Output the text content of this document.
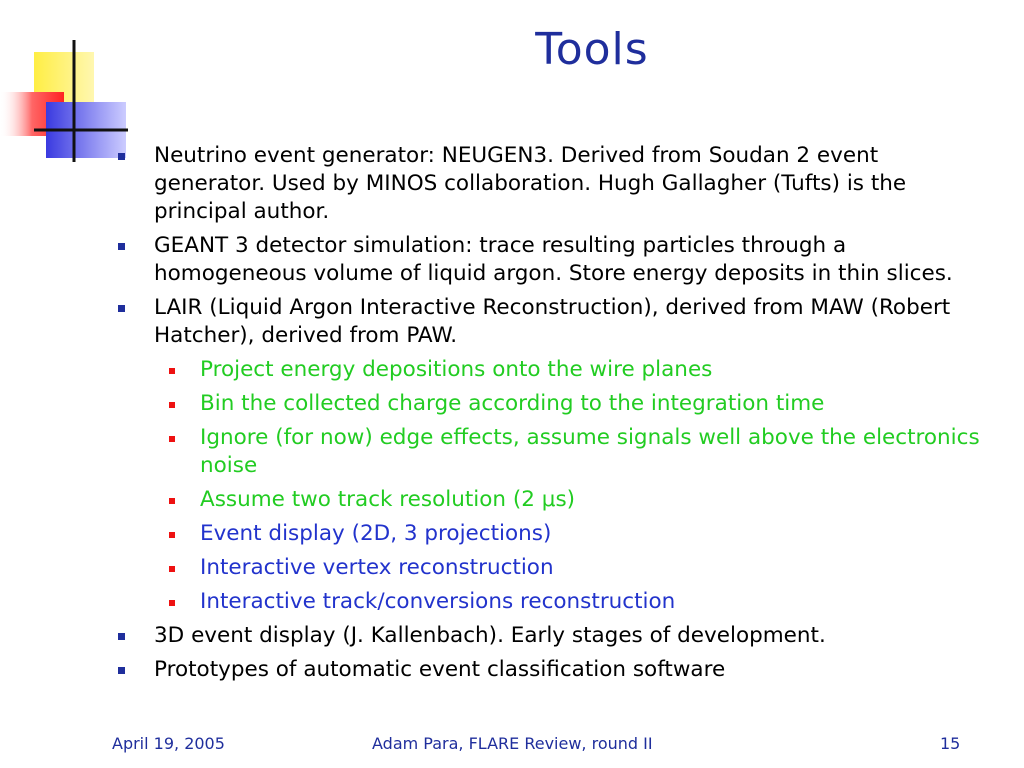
Tools
Neutrino event generator: NEUGEN3. Derived from Soudan 2 event generator. Used by MINOS collaboration. Hugh Gallagher (Tufts) is the principal author.
GEANT 3 detector simulation: trace resulting particles through a homogeneous volume of liquid argon. Store energy deposits in thin slices.
LAIR (Liquid Argon Interactive Reconstruction), derived from MAW (Robert Hatcher), derived from PAW.
Project energy depositions onto the wire planes
Bin the collected charge according to the integration time
Ignore (for now) edge effects, assume signals well above the electronics noise
Assume two track resolution (2 μs)
Event display (2D, 3 projections)
Interactive vertex reconstruction
Interactive track/conversions reconstruction
3D event display (J. Kallenbach). Early stages of development.
Prototypes of automatic event classification software
April 19, 2005	Adam Para, FLARE Review, round II	15
